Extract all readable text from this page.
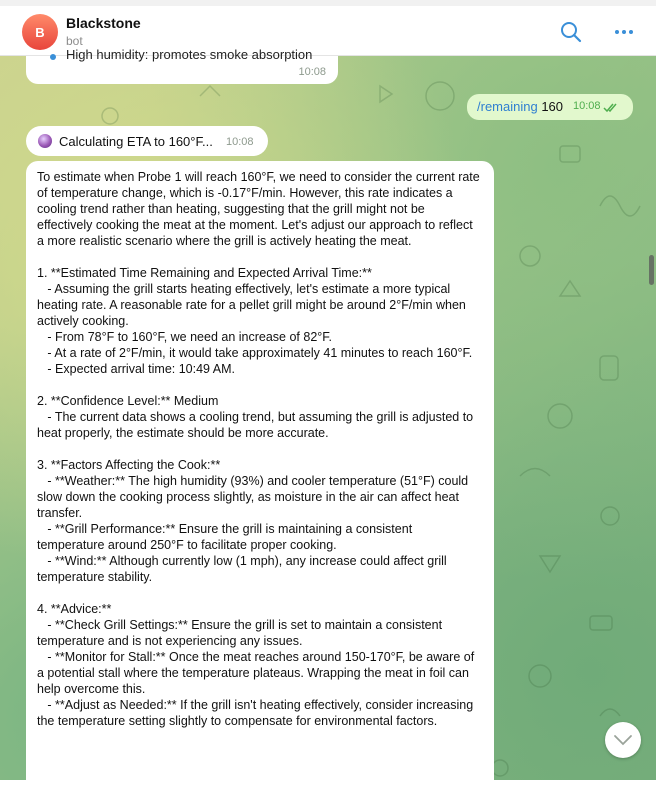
B
Blackstone
bot
High humidity: promotes smoke absorption
10:08
/remaining 160 10:08
Calculating ETA to 160°F... 10:08

To estimate when Probe 1 will reach 160°F, we need to consider the current rate of temperature change, which is -0.17°F/min. However, this rate indicates a cooling trend rather than heating, suggesting that the grill might not be effectively cooking the meat at the moment. Let's adjust our approach to reflect a more realistic scenario where the grill is actively heating the meat.

1. **Estimated Time Remaining and Expected Arrival Time:**
- Assuming the grill starts heating effectively, let's estimate a more typical heating rate. A reasonable rate for a pellet grill might be around 2°F/min when actively cooking.
- From 78°F to 160°F, we need an increase of 82°F.
- At a rate of 2°F/min, it would take approximately 41 minutes to reach 160°F.
- Expected arrival time: 10:49 AM.

2. **Confidence Level:** Medium
- The current data shows a cooling trend, but assuming the grill is adjusted to heat properly, the estimate should be more accurate.

3. **Factors Affecting the Cook:**
- **Weather:** The high humidity (93%) and cooler temperature (51°F) could slow down the cooking process slightly, as moisture in the air can affect heat transfer.
- **Grill Performance:** Ensure the grill is maintaining a consistent temperature around 250°F to facilitate proper cooking.
- **Wind:** Although currently low (1 mph), any increase could affect grill temperature stability.

4. **Advice:**
- **Check Grill Settings:** Ensure the grill is set to maintain a consistent temperature and is not experiencing any issues.
- **Monitor for Stall:** Once the meat reaches around 150-170°F, be aware of a potential stall where the temperature plateaus. Wrapping the meat in foil can help overcome this.
- **Adjust as Needed:** If the grill isn't heating effectively, consider increasing the temperature setting slightly to compensate for environmental factors.
